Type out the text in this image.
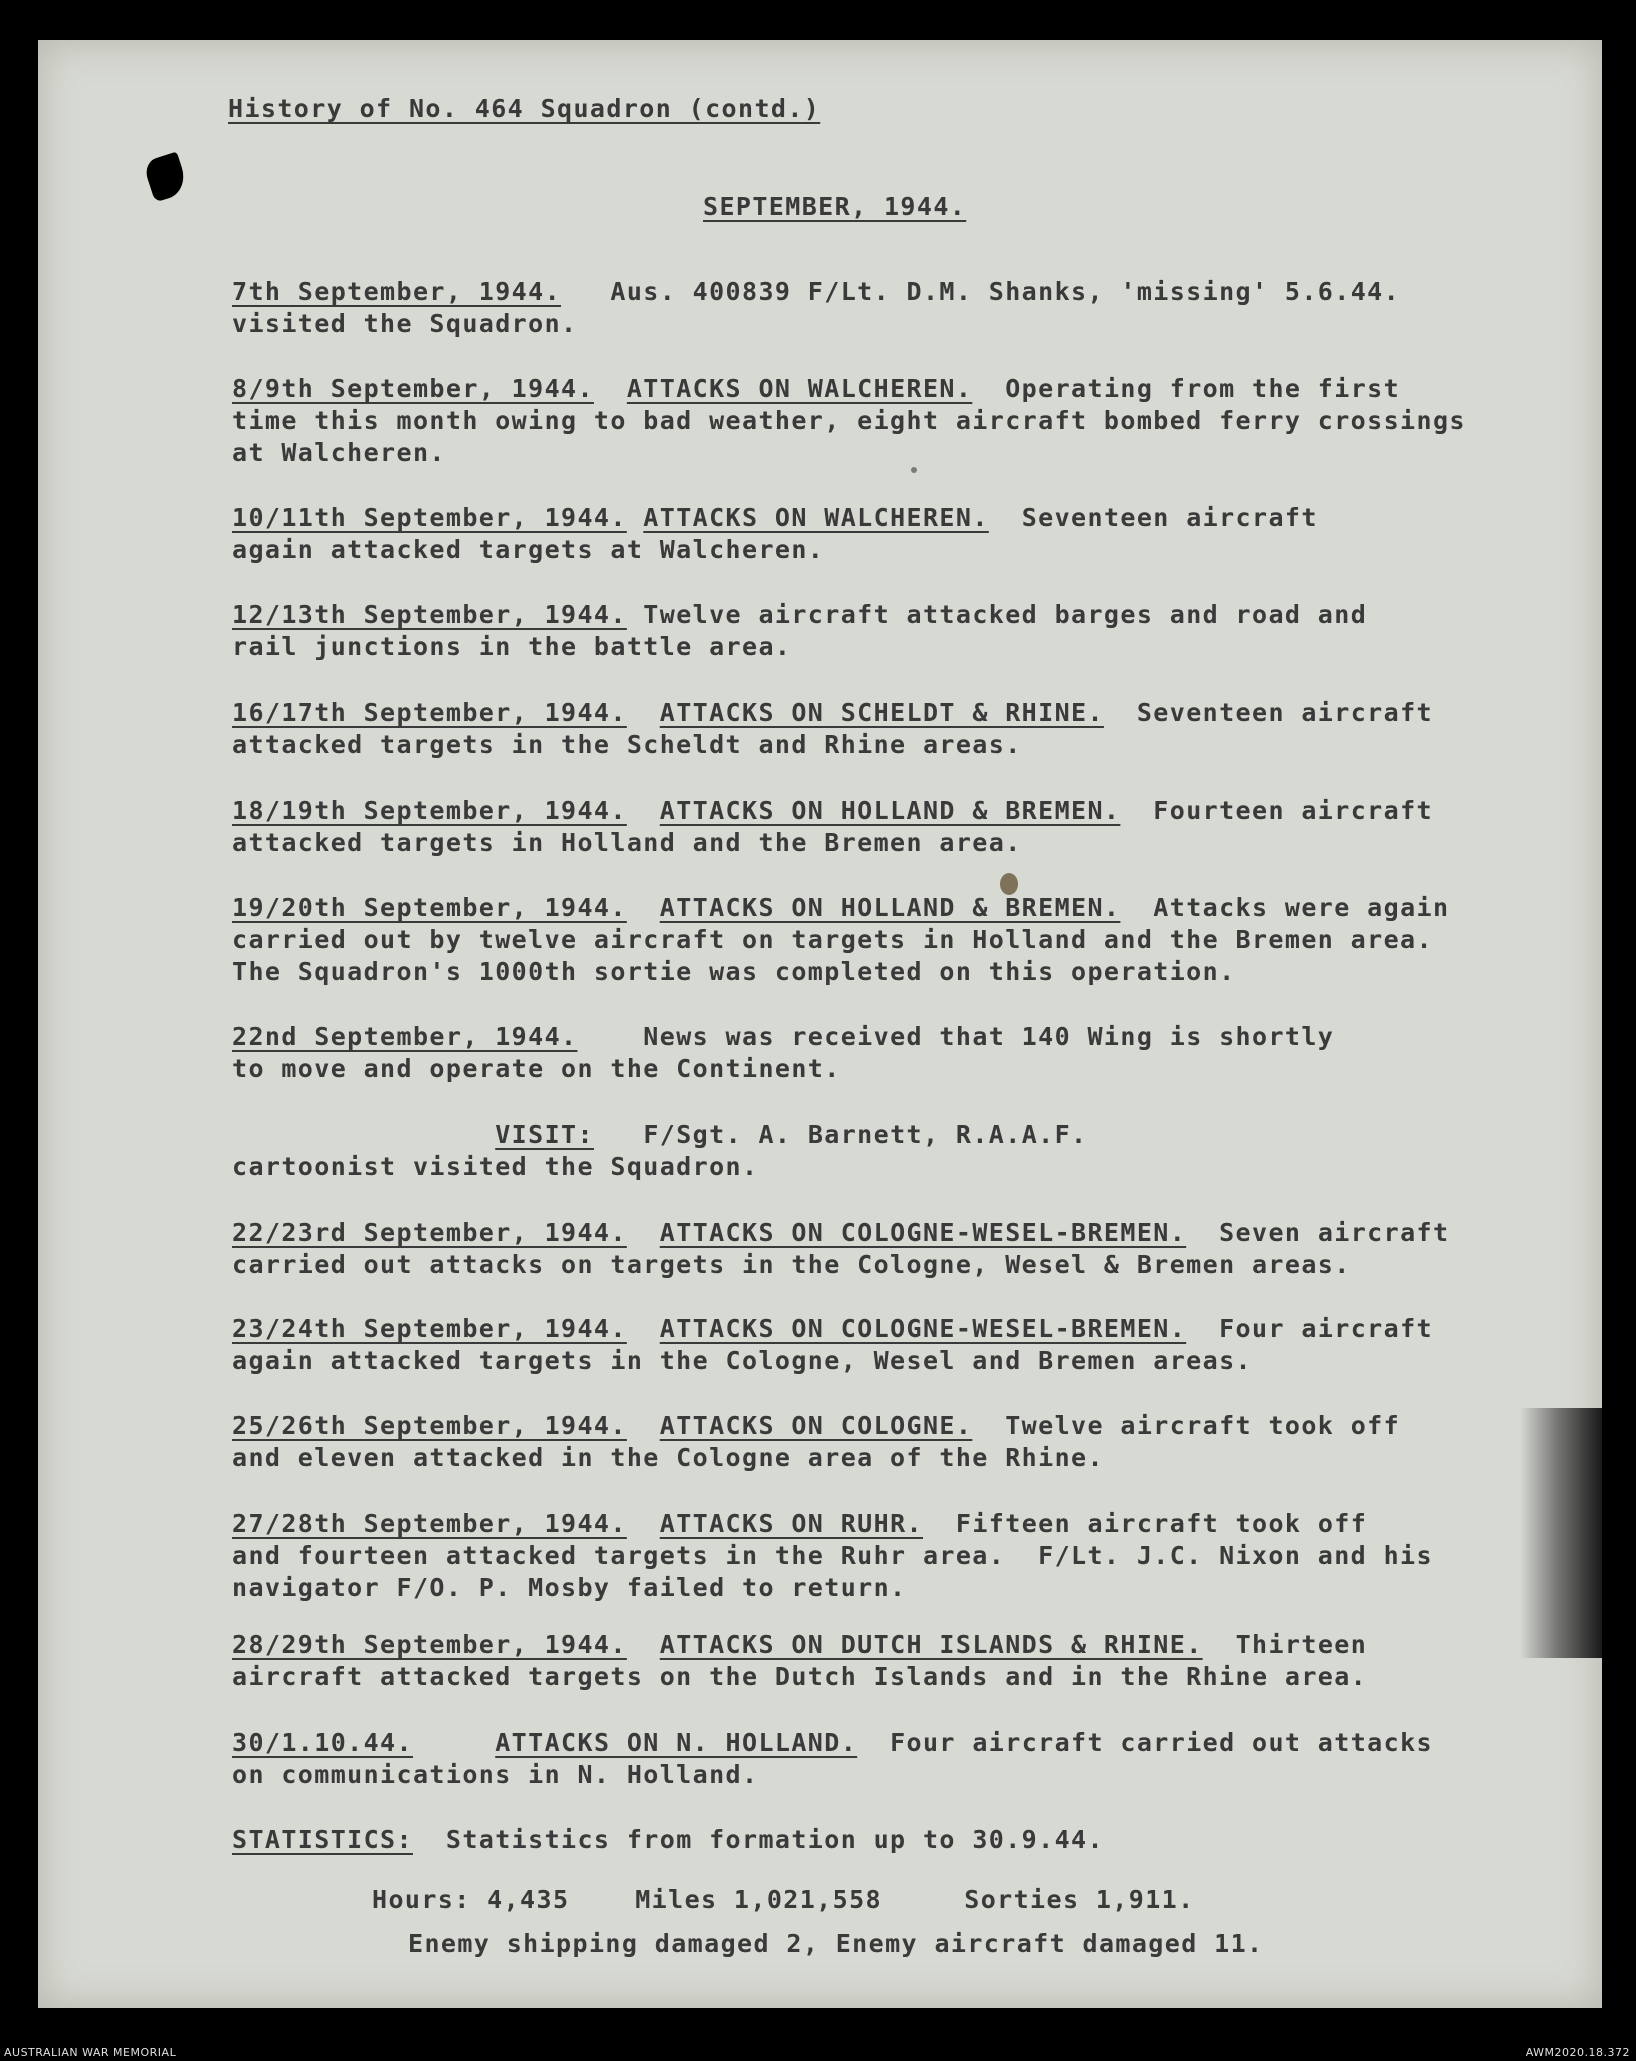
History of No. 464 Squadron (contd.)
SEPTEMBER, 1944.
7th September, 1944. Aus. 400839 F/Lt. D.M. Shanks, 'missing' 5.6.44.
visited the Squadron.
8/9th September, 1944. ATTACKS ON WALCHEREN. Operating from the first
time this month owing to bad weather, eight aircraft bombed ferry crossings
at Walcheren.
10/11th September, 1944. ATTACKS ON WALCHEREN. Seventeen aircraft
again attacked targets at Walcheren.
12/13th September, 1944. Twelve aircraft attacked barges and road and
rail junctions in the battle area.
16/17th September, 1944. ATTACKS ON SCHELDT & RHINE. Seventeen aircraft
attacked targets in the Scheldt and Rhine areas.
18/19th September, 1944. ATTACKS ON HOLLAND & BREMEN. Fourteen aircraft
attacked targets in Holland and the Bremen area.
19/20th September, 1944. ATTACKS ON HOLLAND & BREMEN. Attacks were again
carried out by twelve aircraft on targets in Holland and the Bremen area.
The Squadron's 1000th sortie was completed on this operation.
22nd September, 1944.	News was received that 140 Wing is shortly
to move and operate on the Continent.
VISIT: F/Sgt. A. Barnett, R.A.A.F.
cartoonist visited the Squadron.
22/23rd September, 1944. ATTACKS ON COLOGNE-WESEL-BREMEN. Seven aircraft
carried out attacks on targets in the Cologne, Wesel & Bremen areas.
23/24th September, 1944. ATTACKS ON COLOGNE-WESEL-BREMEN. Four aircraft
again attacked targets in the Cologne, Wesel and Bremen areas.
25/26th September, 1944. ATTACKS ON COLOGNE. Twelve aircraft took off
and eleven attacked in the Cologne area of the Rhine.
27/28th September, 1944. ATTACKS ON RUHR. Fifteen aircraft took off
and fourteen attacked targets in the Ruhr area.  F/Lt. J.C. Nixon and his
navigator F/O. P. Mosby failed to return.
28/29th September, 1944. ATTACKS ON DUTCH ISLANDS & RHINE. Thirteen
aircraft attacked targets on the Dutch Islands and in the Rhine area.
30/1.10.44.	ATTACKS ON N. HOLLAND. Four aircraft carried out attacks
on communications in N. Holland.
STATISTICS: Statistics from formation up to 30.9.44.
Hours: 4,435    Miles 1,021,558     Sorties 1,911.
Enemy shipping damaged 2, Enemy aircraft damaged 11.
AUSTRALIAN WAR MEMORIAL	AWM2020.18.372
